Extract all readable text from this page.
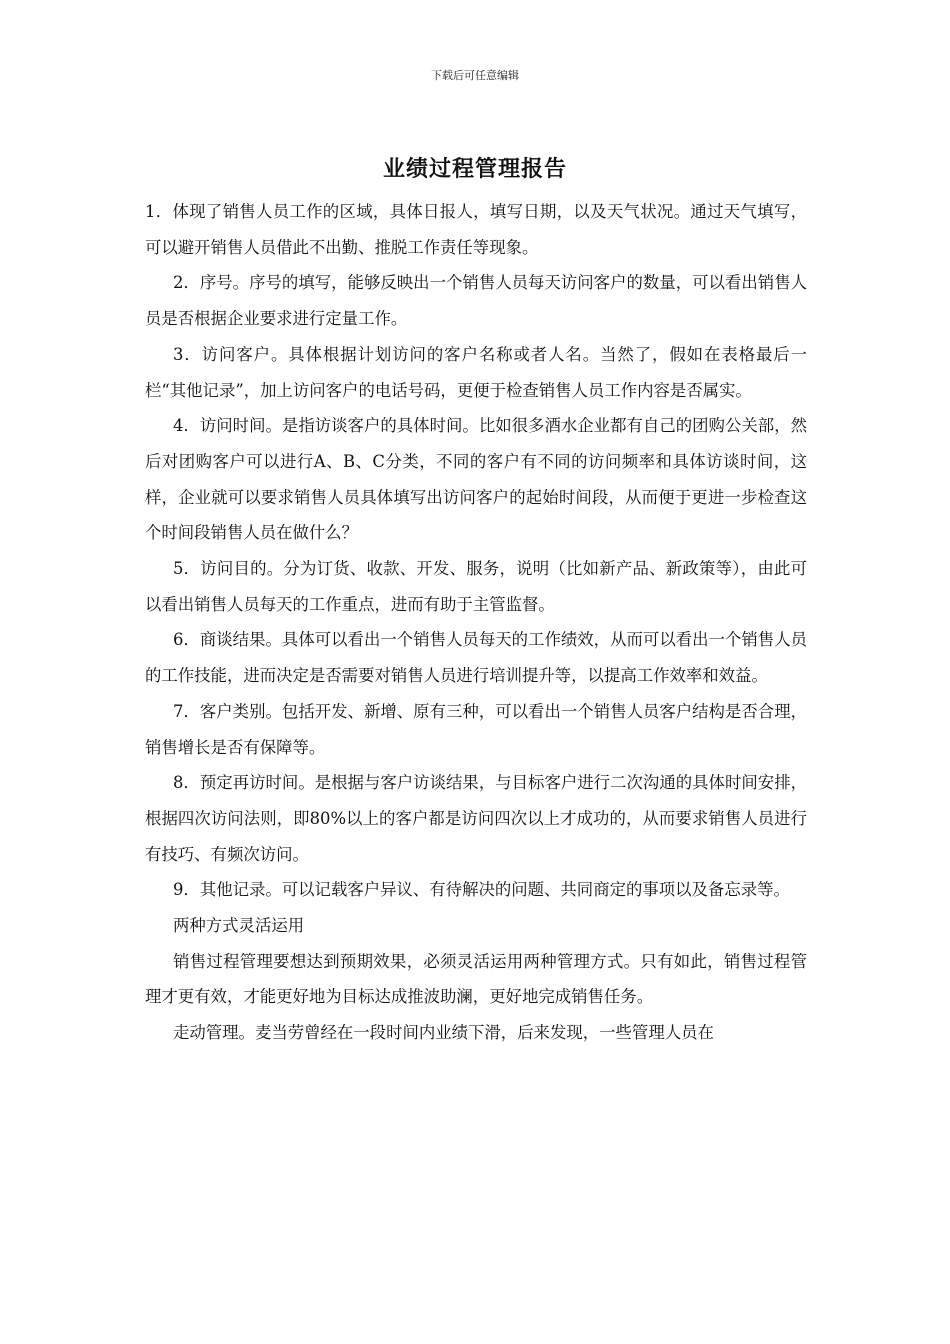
下载后可任意编辑
业绩过程管理报告

1．体现了销售人员工作的区域，具体日报人，填写日期，以及天气状况。通过天气填写，可以避开销售人员借此不出勤、推脱工作责任等现象。

2．序号。序号的填写，能够反映出一个销售人员每天访问客户的数量，可以看出销售人员是否根据企业要求进行定量工作。

3．访问客户。具体根据计划访问的客户名称或者人名。当然了，假如在表格最后一栏“其他记录”，加上访问客户的电话号码，更便于检查销售人员工作内容是否属实。

4．访问时间。是指访谈客户的具体时间。比如很多酒水企业都有自己的团购公关部，然后对团购客户可以进行A、B、C分类，不同的客户有不同的访问频率和具体访谈时间，这样，企业就可以要求销售人员具体填写出访问客户的起始时间段，从而便于更进一步检查这个时间段销售人员在做什么？

5．访问目的。分为订货、收款、开发、服务，说明（比如新产品、新政策等），由此可以看出销售人员每天的工作重点，进而有助于主管监督。

6．商谈结果。具体可以看出一个销售人员每天的工作绩效，从而可以看出一个销售人员的工作技能，进而决定是否需要对销售人员进行培训提升等，以提高工作效率和效益。

7．客户类别。包括开发、新增、原有三种，可以看出一个销售人员客户结构是否合理，销售增长是否有保障等。

8．预定再访时间。是根据与客户访谈结果，与目标客户进行二次沟通的具体时间安排，根据四次访问法则，即80%以上的客户都是访问四次以上才成功的，从而要求销售人员进行有技巧、有频次访问。

9．其他记录。可以记载客户异议、有待解决的问题、共同商定的事项以及备忘录等。

两种方式灵活运用

销售过程管理要想达到预期效果，必须灵活运用两种管理方式。只有如此，销售过程管理才更有效，才能更好地为目标达成推波助澜，更好地完成销售任务。

走动管理。麦当劳曾经在一段时间内业绩下滑，后来发现，一些管理人员在
